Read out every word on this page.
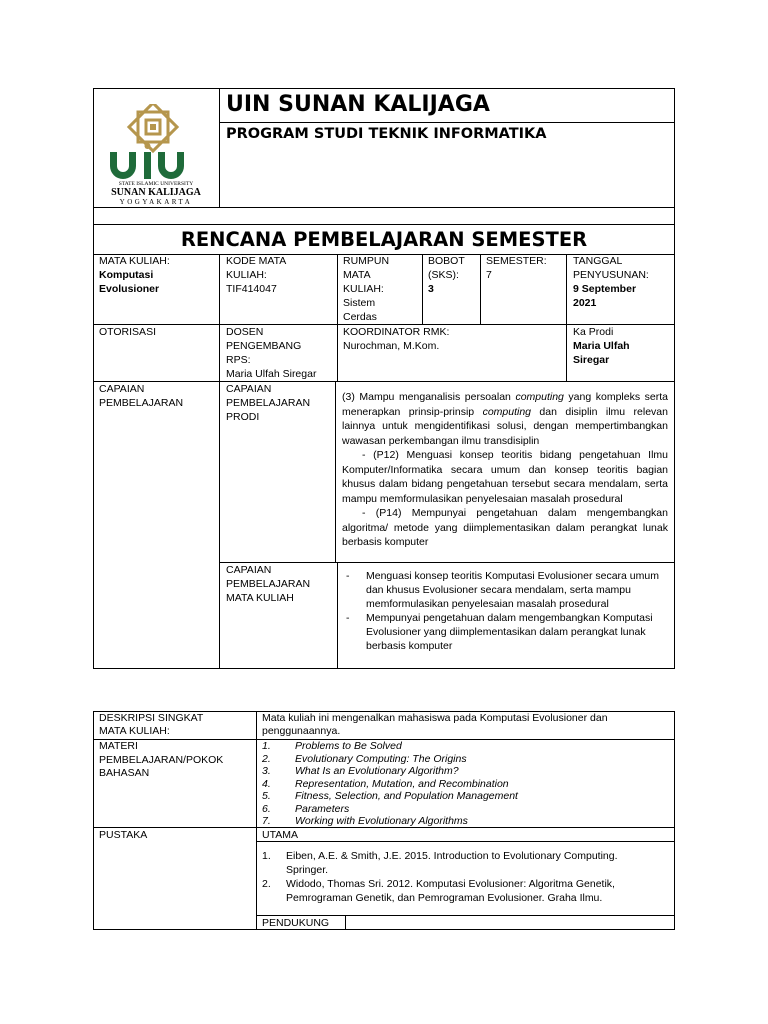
STATE ISLAMIC UNIVERSITY
SUNAN KALIJAGA
YOGYAKARTA
UIN SUNAN KALIJAGA
PROGRAM STUDI TEKNIK INFORMATIKA
RENCANA PEMBELAJARAN SEMESTER
MATA KULIAH:
Komputasi
Evolusioner
KODE MATA
KULIAH:
TIF414047
RUMPUN
MATA
KULIAH:
Sistem
Cerdas
BOBOT
(SKS):
3
SEMESTER:
7
TANGGAL
PENYUSUNAN:
9 September
2021
OTORISASI	DOSEN
PENGEMBANG
RPS:
Maria Ulfah Siregar
KOORDINATOR RMK:
Nurochman, M.Kom.
Ka Prodi
Maria Ulfah
Siregar
CAPAIAN
PEMBELAJARAN
CAPAIAN
PEMBELAJARAN
PRODI
(3) Mampu menganalisis persoalan computing yang kompleks serta menerapkan prinsip-prinsip computing dan disiplin ilmu relevan lainnya untuk mengidentifikasi solusi, dengan mempertimbangkan wawasan perkembangan ilmu transdisiplin
- (P12) Menguasi konsep teoritis bidang pengetahuan Ilmu Komputer/Informatika secara umum dan konsep teoritis bagian khusus dalam bidang pengetahuan tersebut secara mendalam, serta mampu memformulasikan penyelesaian masalah prosedural
- (P14) Mempunyai pengetahuan dalam mengembangkan algoritma/ metode yang diimplementasikan dalam perangkat lunak berbasis komputer
CAPAIAN
PEMBELAJARAN
MATA KULIAH
- Menguasi konsep teoritis Komputasi Evolusioner secara umum dan khusus Evolusioner secara mendalam, serta mampu memformulasikan penyelesaian masalah prosedural
- Mempunyai pengetahuan dalam mengembangkan Komputasi Evolusioner yang diimplementasikan dalam perangkat lunak berbasis komputer
DESKRIPSI SINGKAT
MATA KULIAH:
Mata kuliah ini mengenalkan mahasiswa pada Komputasi Evolusioner dan penggunaannya.
MATERI
PEMBELAJARAN/POKOK
BAHASAN
1. Problems to Be Solved
2. Evolutionary Computing: The Origins
3. What Is an Evolutionary Algorithm?
4. Representation, Mutation, and Recombination
5. Fitness, Selection, and Population Management
6. Parameters
7. Working with Evolutionary Algorithms
PUSTAKA	UTAMA
1. Eiben, A.E. & Smith, J.E. 2015. Introduction to Evolutionary Computing. Springer.
2. Widodo, Thomas Sri. 2012. Komputasi Evolusioner: Algoritma Genetik, Pemrograman Genetik, dan Pemrograman Evolusioner. Graha Ilmu.
PENDUKUNG
